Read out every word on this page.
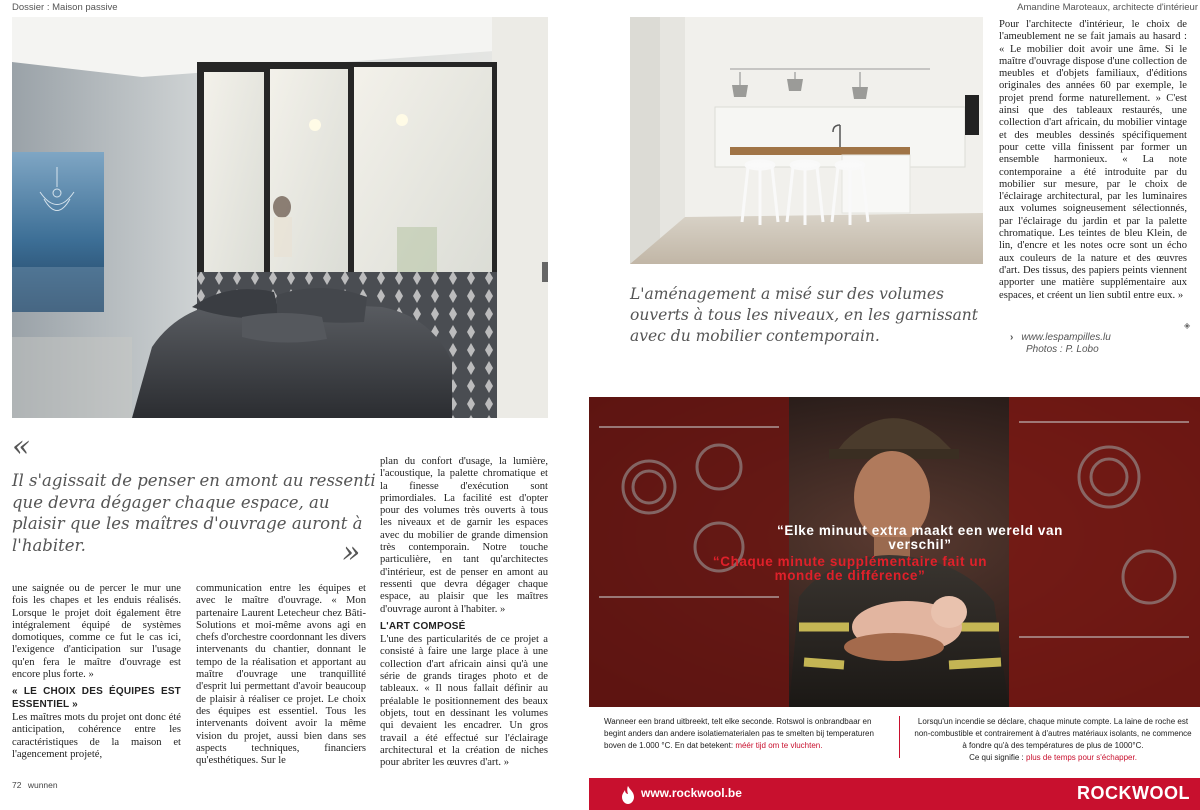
Dossier : Maison passive
«
Il s'agissait de penser en amont au ressenti que devra dégager chaque espace, au plaisir que les maîtres d'ouvrage auront à l'habiter.	»

une saignée ou de percer le mur une fois les chapes et les enduis réalisés. Lorsque le projet doit également être intégralement équipé de systèmes domotiques, comme ce fut le cas ici, l'exigence d'anticipation sur l'usage qu'en fera le maître d'ouvrage est encore plus forte. »

« LE CHOIX DES ÉQUIPES EST ESSENTIEL »

Les maîtres mots du projet ont donc été anticipation, cohérence entre les caractéristiques de la maison et l'agencement projeté,

communication entre les équipes et avec le maître d'ouvrage. « Mon partenaire Laurent Letecheur chez Bâti-Solutions et moi-même avons agi en chefs d'orchestre coordonnant les divers intervenants du chantier, donnant le tempo de la réalisation et apportant au maître d'ouvrage une tranquillité d'esprit lui permettant d'avoir beaucoup de plaisir à réaliser ce projet. Le choix des équipes est essentiel. Tous les intervenants doivent avoir la même vision du projet, aussi bien dans ses aspects techniques, financiers qu'esthétiques. Sur le

plan du confort d'usage, la lumière, l'acoustique, la palette chromatique et la finesse d'exécution sont primordiales. La facilité est d'opter pour des volumes très ouverts à tous les niveaux et de garnir les espaces avec du mobilier de grande dimension très contemporain. Notre touche particulière, en tant qu'architectes d'intérieur, est de penser en amont au ressenti que devra dégager chaque espace, au plaisir que les maîtres d'ouvrage auront à l'habiter. »

L'ART COMPOSÉ

L'une des particularités de ce projet a consisté à faire une large place à une collection d'art africain ainsi qu'à une série de grands tirages photo et de tableaux. « Il nous fallait définir au préalable le positionnement des beaux objets, tout en dessinant les volumes qui devaient les encadrer. Un gros travail a été effectué sur l'éclairage architectural et la création de niches pour abriter les œuvres d'art. »

72 wunnen
Amandine Maroteaux, architecte d'intérieur

Pour l'architecte d'intérieur, le choix de l'ameublement ne se fait jamais au hasard : « Le mobilier doit avoir une âme. Si le maître d'ouvrage dispose d'une collection de meubles et d'objets familiaux, d'éditions originales des années 60 par exemple, le projet prend forme naturellement. » C'est ainsi que des tableaux restaurés, une collection d'art africain, du mobilier vintage et des meubles dessinés spécifiquement pour cette villa finissent par former un ensemble harmonieux. « La note contemporaine a été introduite par du mobilier sur mesure, par le choix de l'éclairage architectural, par les luminaires aux volumes soigneusement sélectionnés, par l'éclairage du jardin et par la palette chromatique. Les teintes de bleu Klein, de lin, d'encre et les notes ocre sont un écho aux couleurs de la nature et des œuvres d'art. Des tissus, des papiers peints viennent apporter une matière supplémentaire aux espaces, et créent un lien subtil entre eux. »

◈
L'aménagement a misé sur des volumes ouverts à tous les niveaux, en les garnissant avec du mobilier contemporain.	› www.lespampilles.lu
Photos : P. Lobo
“Elke minuut extra maakt een wereld van verschil”
“Chaque minute supplémentaire fait un monde de différence”
Wanneer een brand uitbreekt, telt elke seconde. Rotswol is onbrandbaar en begint anders dan andere isolatiematerialen pas te smelten bij temperaturen boven de 1.000 °C. En dat betekent: méér tijd om te vluchten.
Lorsqu'un incendie se déclare, chaque minute compte. La laine de roche est non-combustible et contrairement à d'autres matériaux isolants, ne commence à fondre qu'à des températures de plus de 1000°C.
Ce qui signifie : plus de temps pour s'échapper.
www.rockwool.be	ROCKWOOL
